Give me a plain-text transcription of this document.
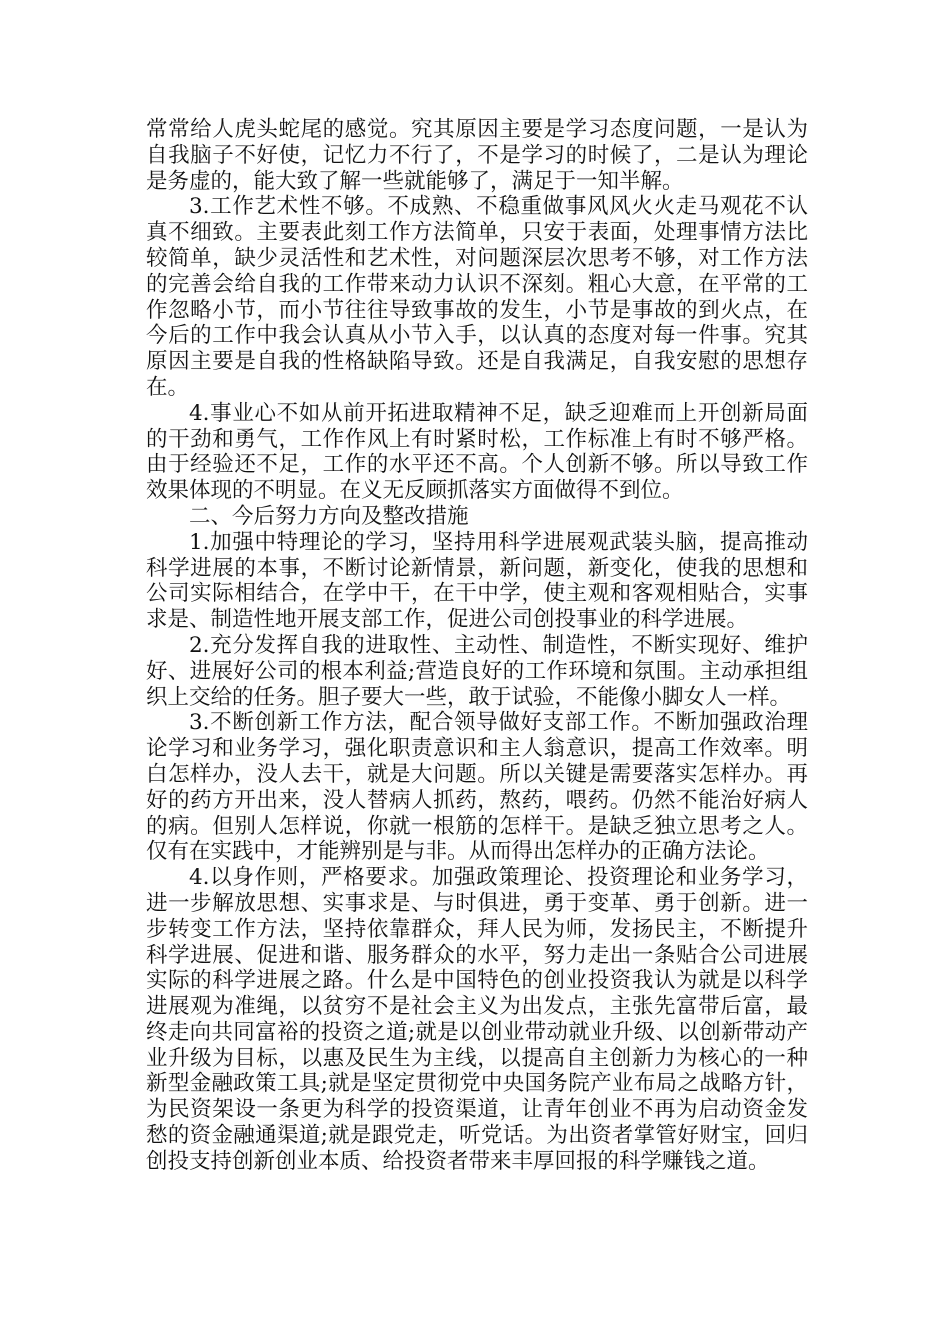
常常给人虎头蛇尾的感觉。究其原因主要是学习态度问题，一是认为自我脑子不好使，记忆力不行了，不是学习的时候了，二是认为理论是务虚的，能大致了解一些就能够了，满足于一知半解。

3.工作艺术性不够。不成熟、不稳重做事风风火火走马观花不认真不细致。主要表此刻工作方法简单，只安于表面，处理事情方法比较简单，缺少灵活性和艺术性，对问题深层次思考不够，对工作方法的完善会给自我的工作带来动力认识不深刻。粗心大意，在平常的工作忽略小节，而小节往往导致事故的发生，小节是事故的到火点，在今后的工作中我会认真从小节入手，以认真的态度对每一件事。究其原因主要是自我的性格缺陷导致。还是自我满足，自我安慰的思想存在。

4.事业心不如从前开拓进取精神不足，缺乏迎难而上开创新局面的干劲和勇气，工作作风上有时紧时松，工作标准上有时不够严格。由于经验还不足，工作的水平还不高。个人创新不够。所以导致工作效果体现的不明显。在义无反顾抓落实方面做得不到位。

二、今后努力方向及整改措施

1.加强中特理论的学习，坚持用科学进展观武装头脑，提高推动科学进展的本事，不断讨论新情景，新问题，新变化，使我的思想和公司实际相结合，在学中干，在干中学，使主观和客观相贴合，实事求是、制造性地开展支部工作，促进公司创投事业的科学进展。

2.充分发挥自我的进取性、主动性、制造性，不断实现好、维护好、进展好公司的根本利益;营造良好的工作环境和氛围。主动承担组织上交给的任务。胆子要大一些，敢于试验，不能像小脚女人一样。

3.不断创新工作方法，配合领导做好支部工作。不断加强政治理论学习和业务学习，强化职责意识和主人翁意识，提高工作效率。明白怎样办，没人去干，就是大问题。所以关键是需要落实怎样办。再好的药方开出来，没人替病人抓药，熬药，喂药。仍然不能治好病人的病。但别人怎样说，你就一根筋的怎样干。是缺乏独立思考之人。仅有在实践中，才能辨别是与非。从而得出怎样办的正确方法论。

4.以身作则，严格要求。加强政策理论、投资理论和业务学习，进一步解放思想、实事求是、与时俱进，勇于变革、勇于创新。进一步转变工作方法，坚持依靠群众，拜人民为师，发扬民主，不断提升科学进展、促进和谐、服务群众的水平，努力走出一条贴合公司进展实际的科学进展之路。什么是中国特色的创业投资我认为就是以科学进展观为准绳，以贫穷不是社会主义为出发点，主张先富带后富，最终走向共同富裕的投资之道;就是以创业带动就业升级、以创新带动产业升级为目标，以惠及民生为主线，以提高自主创新力为核心的一种新型金融政策工具;就是坚定贯彻党中央国务院产业布局之战略方针，为民资架设一条更为科学的投资渠道，让青年创业不再为启动资金发愁的资金融通渠道;就是跟党走，听党话。为出资者掌管好财宝，回归创投支持创新创业本质、给投资者带来丰厚回报的科学赚钱之道。
